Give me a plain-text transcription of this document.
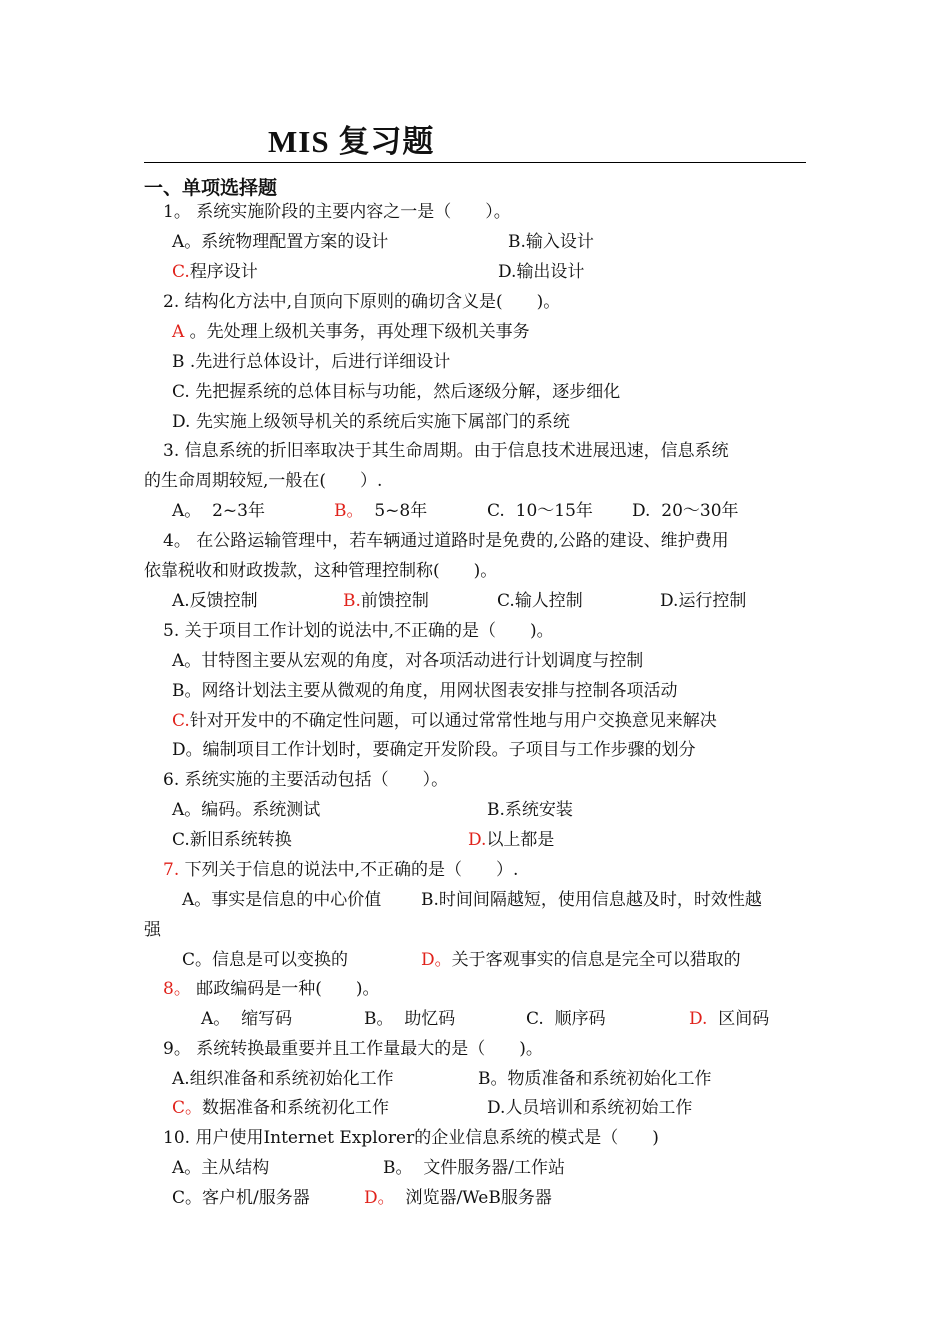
MIS 复习题
一、单项选择题
1。 系统实施阶段的主要内容之一是（　　）。
A。系统物理配置方案的设计	B.输入设计
C.程序设计	D.输出设计
2. 结构化方法中,自顶向下原则的确切含义是(　　)。
A 。先处理上级机关事务，再处理下级机关事务
B .先进行总体设计，后进行详细设计
C. 先把握系统的总体目标与功能，然后逐级分解，逐步细化
D. 先实施上级领导机关的系统后实施下属部门的系统
3. 信息系统的折旧率取决于其生命周期。由于信息技术进展迅速，信息系统
的生命周期较短,一般在(　　）.
A。 2~3年	B。 5~8年	C. 10～15年 D. 20～30年
4。 在公路运输管理中，若车辆通过道路时是免费的,公路的建设、维护费用
依靠税收和财政拨款，这种管理控制称(　　)。
A.反馈控制	B.前馈控制	C.输人控制	D.运行控制
5. 关于项目工作计划的说法中,不正确的是（　　)。
A。甘特图主要从宏观的角度，对各项活动进行计划调度与控制
B。网络计划法主要从微观的角度，用网状图表安排与控制各项活动
C.针对开发中的不确定性问题，可以通过常常性地与用户交换意见来解决
D。编制项目工作计划时，要确定开发阶段。子项目与工作步骤的划分
6. 系统实施的主要活动包括（　　）。
A。编码。系统测试	B.系统安装
C.新旧系统转换	D.以上都是
7. 下列关于信息的说法中,不正确的是（　　）.
A。事实是信息的中心价值 B.时间间隔越短，使用信息越及时，时效性越
强
C。信息是可以变换的	D。关于客观事实的信息是完全可以猎取的
8。 邮政编码是一种(　　)。
A。 缩写码	B。 助忆码	C. 顺序码	D. 区间码
9。 系统转换最重要并且工作量最大的是（　　)。
A.组织准备和系统初始化工作	B。物质准备和系统初始化工作
C。数据准备和系统初化工作	D.人员培训和系统初始工作
10. 用户使用Internet Explorer的企业信息系统的模式是（　　)
A。主从结构	B。 文件服务器/工作站
C。客户机/服务器	D。 浏览器/WeB服务器
